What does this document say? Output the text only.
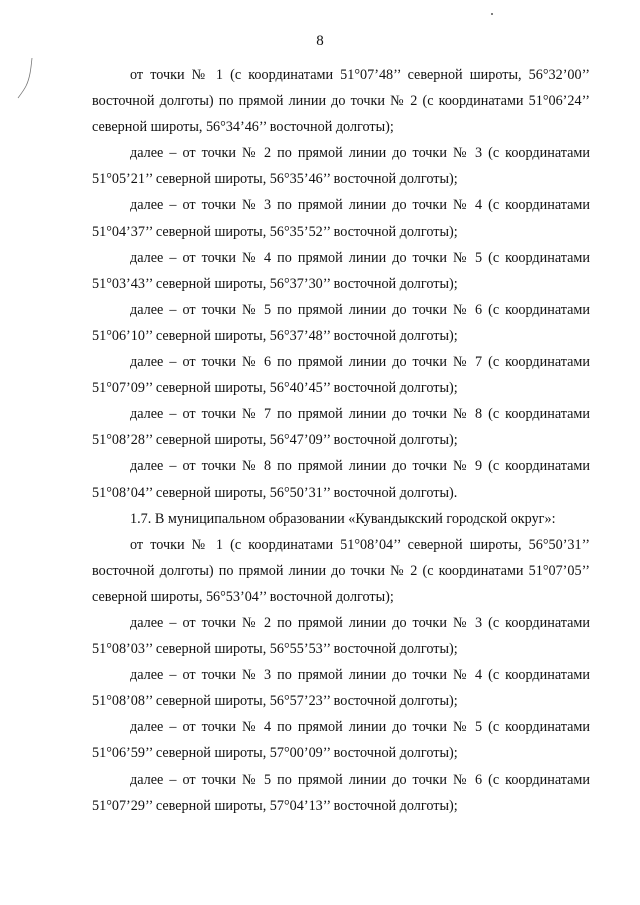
8

от точки № 1 (с координатами 51°07’48’’ северной широты, 56°32’00’’ восточной долготы) по прямой линии до точки № 2 (с координатами 51°06’24’’ северной широты, 56°34’46’’ восточной долготы);

далее – от точки № 2 по прямой линии до точки № 3 (с координатами 51°05’21’’ северной широты, 56°35’46’’ восточной долготы);

далее – от точки № 3 по прямой линии до точки № 4 (с координатами 51°04’37’’ северной широты, 56°35’52’’ восточной долготы);

далее – от точки № 4 по прямой линии до точки № 5 (с координатами 51°03’43’’ северной широты, 56°37’30’’ восточной долготы);

далее – от точки № 5 по прямой линии до точки № 6 (с координатами 51°06’10’’ северной широты, 56°37’48’’ восточной долготы);

далее – от точки № 6 по прямой линии до точки № 7 (с координатами 51°07’09’’ северной широты, 56°40’45’’ восточной долготы);

далее – от точки № 7 по прямой линии до точки № 8 (с координатами 51°08’28’’ северной широты, 56°47’09’’ восточной долготы);

далее – от точки № 8 по прямой линии до точки № 9 (с координатами 51°08’04’’ северной широты, 56°50’31’’ восточной долготы).

1.7. В муниципальном образовании «Кувандыкский городской округ»:

от точки № 1 (с координатами 51°08’04’’ северной широты, 56°50’31’’ восточной долготы) по прямой линии до точки № 2 (с координатами 51°07’05’’ северной широты, 56°53’04’’ восточной долготы);

далее – от точки № 2 по прямой линии до точки № 3 (с координатами 51°08’03’’ северной широты, 56°55’53’’ восточной долготы);

далее – от точки № 3 по прямой линии до точки № 4 (с координатами 51°08’08’’ северной широты, 56°57’23’’ восточной долготы);

далее – от точки № 4 по прямой линии до точки № 5 (с координатами 51°06’59’’ северной широты, 57°00’09’’ восточной долготы);

далее – от точки № 5 по прямой линии до точки № 6 (с координатами 51°07’29’’ северной широты, 57°04’13’’ восточной долготы);
